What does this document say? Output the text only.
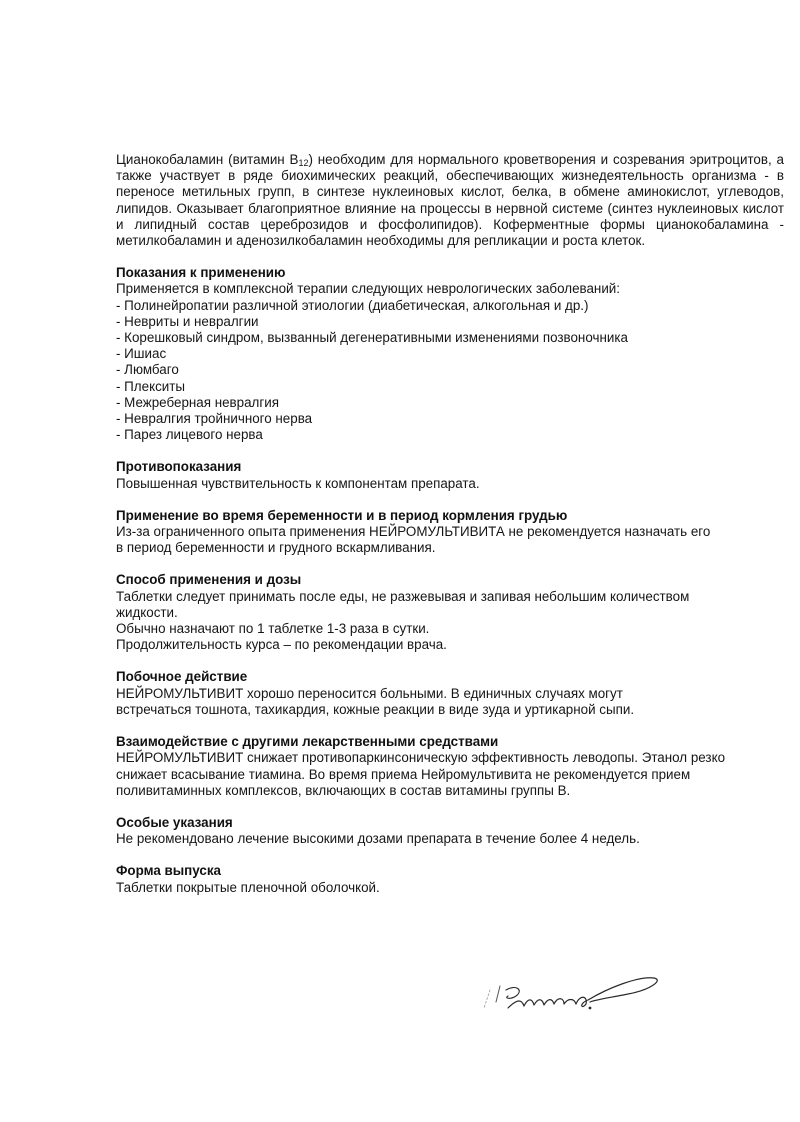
Цианокобаламин (витамин $B_{12}$) необходим для нормального кроветворения и созревания эритроцитов, а также участвует в ряде биохимических реакций, обеспечивающих жизнедеятельность организма - в переносе метильных групп, в синтезе нуклеиновых кислот, белка, в обмене аминокислот, углеводов, липидов. Оказывает благоприятное влияние на процессы в нервной системе (синтез нуклеиновых кислот и липидный состав цереброзидов и фосфолипидов). Коферментные формы цианокобаламина - метилкобаламин и аденозилкобаламин необходимы для репликации и роста клеток.

Показания к применению

Применяется в комплексной терапии следующих неврологических заболеваний:

- Полинейропатии различной этиологии (диабетическая, алкогольная и др.)
- Невриты и невралгии
- Корешковый синдром, вызванный дегенеративными изменениями позвоночника
- Ишиас
- Люмбаго
- Плекситы
- Межреберная невралгия
- Невралгия тройничного нерва
- Парез лицевого нерва
Противопоказания

Повышенная чувствительность к компонентам препарата.

Применение во время беременности и в период кормления грудью

Из-за ограниченного опыта применения НЕЙРОМУЛЬТИВИТА не рекомендуется назначать его в период беременности и грудного вскармливания.

Способ применения и дозы

Таблетки следует принимать после еды, не разжевывая и запивая небольшим количеством жидкости.

Обычно назначают по 1 таблетке 1-3 раза в сутки.

Продолжительность курса – по рекомендации врача.

Побочное действие

НЕЙРОМУЛЬТИВИТ хорошо переносится больными. В единичных случаях могут встречаться тошнота, тахикардия, кожные реакции в виде зуда и уртикарной сыпи.

Взаимодействие с другими лекарственными средствами

НЕЙРОМУЛЬТИВИТ снижает противопаркинсоническую эффективность леводопы. Этанол резко снижает всасывание тиамина. Во время приема Нейромультивита не рекомендуется прием поливитаминных комплексов, включающих в состав витамины группы В.

Особые указания

Не рекомендовано лечение высокими дозами препарата в течение более 4 недель.

Форма выпуска

Таблетки покрытые пленочной оболочкой.
